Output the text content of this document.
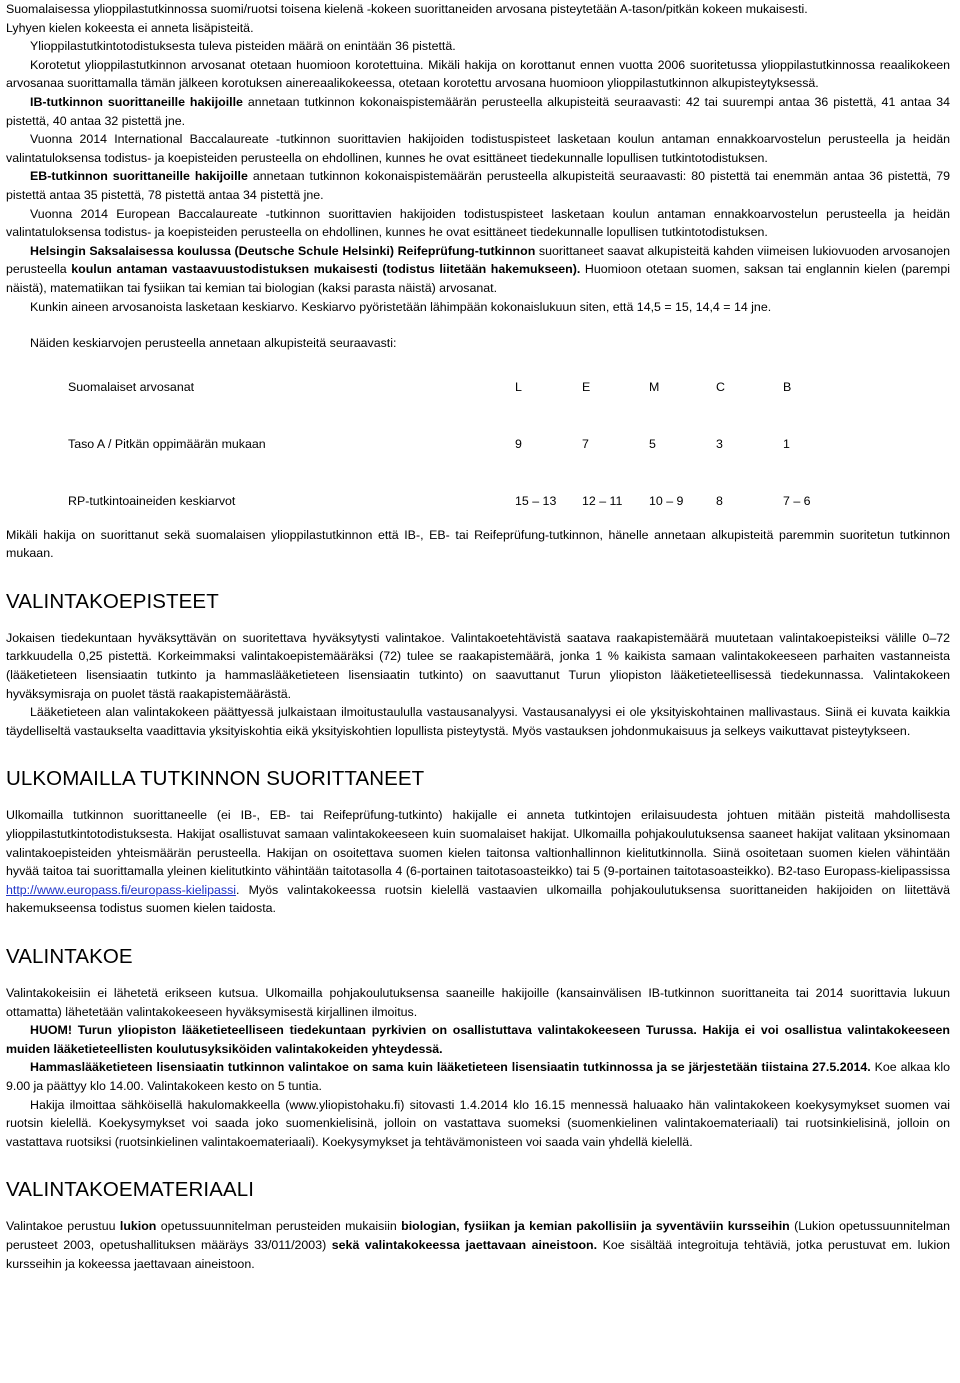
Suomalaisessa ylioppilastutkinnossa suomi/ruotsi toisena kielenä -kokeen suorittaneiden arvosana pisteytetään A-tason/pitkän kokeen mukaisesti.

Lyhyen kielen kokeesta ei anneta lisäpisteitä.

Ylioppilastutkintotodistuksesta tuleva pisteiden määrä on enintään 36 pistettä.

Korotetut ylioppilastutkinnon arvosanat otetaan huomioon korotettuina. Mikäli hakija on korottanut ennen vuotta 2006 suoritetussa ylioppilastutkinnossa reaalikokeen arvosanaa suorittamalla tämän jälkeen korotuksen ainereaalikokeessa, otetaan korotettu arvosana huomioon ylioppilastutkinnon alkupisteytyksessä.

IB-tutkinnon suorittaneille hakijoille annetaan tutkinnon kokonaispistemäärän perusteella alkupisteitä seuraavasti: 42 tai suurempi antaa 36 pistettä, 41 antaa 34 pistettä, 40 antaa 32 pistettä jne.

Vuonna 2014 International Baccalaureate -tutkinnon suorittavien hakijoiden todistuspisteet lasketaan koulun antaman ennakkoarvostelun perusteella ja heidän valintatuloksensa todistus- ja koepisteiden perusteella on ehdollinen, kunnes he ovat esittäneet tiedekunnalle lopullisen tutkintotodistuksen.

EB-tutkinnon suorittaneille hakijoille annetaan tutkinnon kokonaispistemäärän perusteella alkupisteitä seuraavasti: 80 pistettä tai enemmän antaa 36 pistettä, 79 pistettä antaa 35 pistettä, 78 pistettä antaa 34 pistettä jne.

Vuonna 2014 European Baccalaureate -tutkinnon suorittavien hakijoiden todistuspisteet lasketaan koulun antaman ennakkoarvostelun perusteella ja heidän valintatuloksensa todistus- ja koepisteiden perusteella on ehdollinen, kunnes he ovat esittäneet tiedekunnalle lopullisen tutkintotodistuksen.

Helsingin Saksalaisessa koulussa (Deutsche Schule Helsinki) Reifeprüfung-tutkinnon suorittaneet saavat alkupisteitä kahden viimeisen lukiovuoden arvosanojen perusteella koulun antaman vastaavuustodistuksen mukaisesti (todistus liitetään hakemukseen). Huomioon otetaan suomen, saksan tai englannin kielen (parempi näistä), matematiikan tai fysiikan tai kemian tai biologian (kaksi parasta näistä) arvosanat.

Kunkin aineen arvosanoista lasketaan keskiarvo. Keskiarvo pyöristetään lähimpään kokonaislukuun siten, että 14,5 = 15, 14,4 = 14 jne.

Näiden keskiarvojen perusteella annetaan alkupisteitä seuraavasti:

Suomalaiset arvosanat	L	E	M	C	B

Taso A / Pitkän oppimäärän mukaan	9	7	5	3	1

RP-tutkintoaineiden keskiarvot	15 – 13	12 – 11	10 – 9	8	7 – 6

Mikäli hakija on suorittanut sekä suomalaisen ylioppilastutkinnon että IB-, EB- tai Reifeprüfung-tutkinnon, hänelle annetaan alkupisteitä paremmin suoritetun tutkinnon mukaan.

VALINTAKOEPISTEET

Jokaisen tiedekuntaan hyväksyttävän on suoritettava hyväksytysti valintakoe. Valintakoetehtävistä saatava raakapistemäärä muutetaan valintakoepisteiksi välille 0–72 tarkkuudella 0,25 pistettä. Korkeimmaksi valintakoepistemääräksi (72) tulee se raakapistemäärä, jonka 1 % kaikista samaan valintakokeeseen parhaiten vastanneista (lääketieteen lisensiaatin tutkinto ja hammaslääketieteen lisensiaatin tutkinto) on saavuttanut Turun yliopiston lääketieteellisessä tiedekunnassa. Valintakokeen hyväksymisraja on puolet tästä raakapistemäärästä.

Lääketieteen alan valintakokeen päättyessä julkaistaan ilmoitustaululla vastausanalyysi. Vastausanalyysi ei ole yksityiskohtainen mallivastaus. Siinä ei kuvata kaikkia täydelliseltä vastaukselta vaadittavia yksityiskohtia eikä yksityiskohtien lopullista pisteytystä. Myös vastauksen johdonmukaisuus ja selkeys vaikuttavat pisteytykseen.

ULKOMAILLA TUTKINNON SUORITTANEET

Ulkomailla tutkinnon suorittaneelle (ei IB-, EB- tai Reifeprüfung-tutkinto) hakijalle ei anneta tutkintojen erilaisuudesta johtuen mitään pisteitä mahdollisesta ylioppilastutkintotodistuksesta. Hakijat osallistuvat samaan valintakokeeseen kuin suomalaiset hakijat. Ulkomailla pohjakoulutuksensa saaneet hakijat valitaan yksinomaan valintakoepisteiden yhteismäärän perusteella. Hakijan on osoitettava suomen kielen taitonsa valtionhallinnon kielitutkinnolla. Siinä osoitetaan suomen kielen vähintään hyvää taitoa tai suorittamalla yleinen kielitutkinto vähintään taitotasolla 4 (6-portainen taitotasoasteikko) tai 5 (9-portainen taitotasoasteikko). B2-taso Europass-kielipassissa http://www.europass.fi/europass-kielipassi. Myös valintakokeessa ruotsin kielellä vastaavien ulkomailla pohjakoulutuksensa suorittaneiden hakijoiden on liitettävä hakemukseensa todistus suomen kielen taidosta.

VALINTAKOE

Valintakokeisiin ei lähetetä erikseen kutsua. Ulkomailla pohjakoulutuksensa saaneille hakijoille (kansainvälisen IB-tutkinnon suorittaneita tai 2014 suorittavia lukuun ottamatta) lähetetään valintakokeeseen hyväksymisestä kirjallinen ilmoitus.

HUOM! Turun yliopiston lääketieteelliseen tiedekuntaan pyrkivien on osallistuttava valintakokeeseen Turussa. Hakija ei voi osallistua valintakokeeseen muiden lääketieteellisten koulutusyksiköiden valintakokeiden yhteydessä.

Hammaslääketieteen lisensiaatin tutkinnon valintakoe on sama kuin lääketieteen lisensiaatin tutkinnossa ja se järjestetään tiistaina 27.5.2014. Koe alkaa klo 9.00 ja päättyy klo 14.00. Valintakokeen kesto on 5 tuntia.

Hakija ilmoittaa sähköisellä hakulomakkeella (www.yliopistohaku.fi) sitovasti 1.4.2014 klo 16.15 mennessä haluaako hän valintakokeen koekysymykset suomen vai ruotsin kielellä. Koekysymykset voi saada joko suomenkielisinä, jolloin on vastattava suomeksi (suomenkielinen valintakoemateriaali) tai ruotsinkielisinä, jolloin on vastattava ruotsiksi (ruotsinkielinen valintakoemateriaali). Koekysymykset ja tehtävämonisteen voi saada vain yhdellä kielellä.

VALINTAKOEMATERIAALI

Valintakoe perustuu lukion opetussuunnitelman perusteiden mukaisiin biologian, fysiikan ja kemian pakollisiin ja syventäviin kursseihin (Lukion opetussuunnitelman perusteet 2003, opetushallituksen määräys 33/011/2003) sekä valintakokeessa jaettavaan aineistoon. Koe sisältää integroituja tehtäviä, jotka perustuvat em. lukion kursseihin ja kokeessa jaettavaan aineistoon.
